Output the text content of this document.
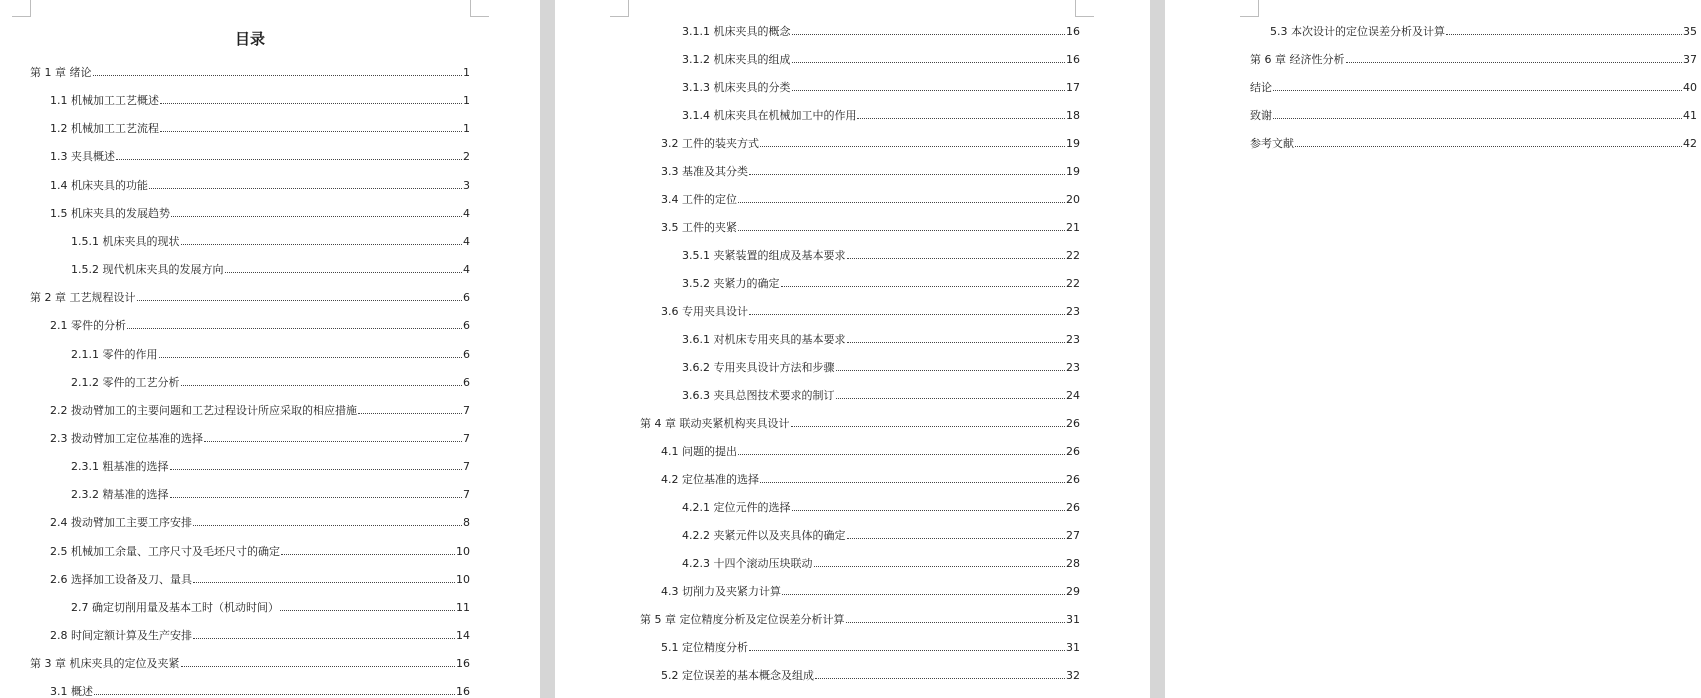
目录
第 1 章 绪论	1
1.1 机械加工工艺概述	1
1.2 机械加工工艺流程	1
1.3 夹具概述	2
1.4 机床夹具的功能	3
1.5 机床夹具的发展趋势	4
1.5.1 机床夹具的现状	4
1.5.2 现代机床夹具的发展方向	4
第 2 章 工艺规程设计	6
2.1 零件的分析	6
2.1.1 零件的作用	6
2.1.2 零件的工艺分析	6
2.2 拨动臂加工的主要问题和工艺过程设计所应采取的相应措施	7
2.3 拨动臂加工定位基准的选择	7
2.3.1 粗基准的选择	7
2.3.2 精基准的选择	7
2.4 拨动臂加工主要工序安排	8
2.5 机械加工余量、工序尺寸及毛坯尺寸的确定	10
2.6 选择加工设备及刀、量具	10
2.7 确定切削用量及基本工时（机动时间）	11
2.8 时间定额计算及生产安排	14
第 3 章 机床夹具的定位及夹紧	16
3.1 概述	16
3.1.1 机床夹具的概念	16
3.1.2 机床夹具的组成	16
3.1.3 机床夹具的分类	17
3.1.4 机床夹具在机械加工中的作用	18
3.2 工件的装夹方式	19
3.3 基准及其分类	19
3.4 工件的定位	20
3.5 工件的夹紧	21
3.5.1 夹紧装置的组成及基本要求	22
3.5.2 夹紧力的确定	22
3.6 专用夹具设计	23
3.6.1 对机床专用夹具的基本要求	23
3.6.2 专用夹具设计方法和步骤	23
3.6.3 夹具总图技术要求的制订	24
第 4 章 联动夹紧机构夹具设计	26
4.1 问题的提出	26
4.2 定位基准的选择	26
4.2.1 定位元件的选择	26
4.2.2 夹紧元件以及夹具体的确定	27
4.2.3 十四个滚动压块联动	28
4.3 切削力及夹紧力计算	29
第 5 章 定位精度分析及定位误差分析计算	31
5.1 定位精度分析	31
5.2 定位误差的基本概念及组成	32
5.3 本次设计的定位误差分析及计算	35
第 6 章 经济性分析	37
结论	40
致谢	41
参考文献	42
